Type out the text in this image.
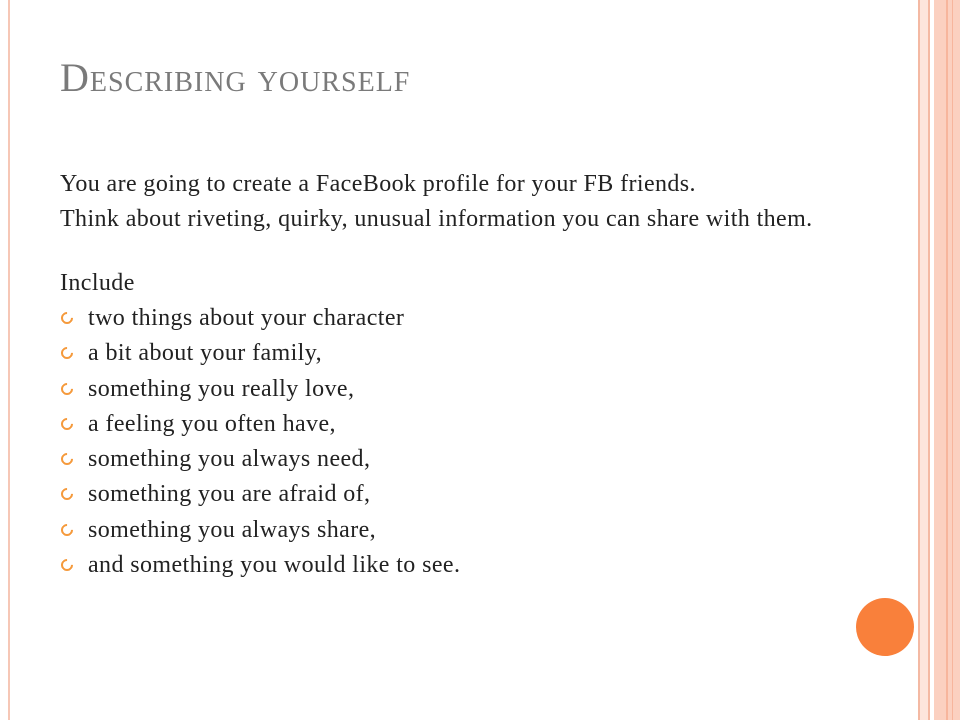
Describing yourself

You are going to create a FaceBook profile for your FB friends.

Think about riveting, quirky, unusual information you can share with them.

Include

two things about your character
a bit about your family,
something you really love,
a feeling you often have,
something you always need,
something you are afraid of,
something you always share,
and something you would like to see.
